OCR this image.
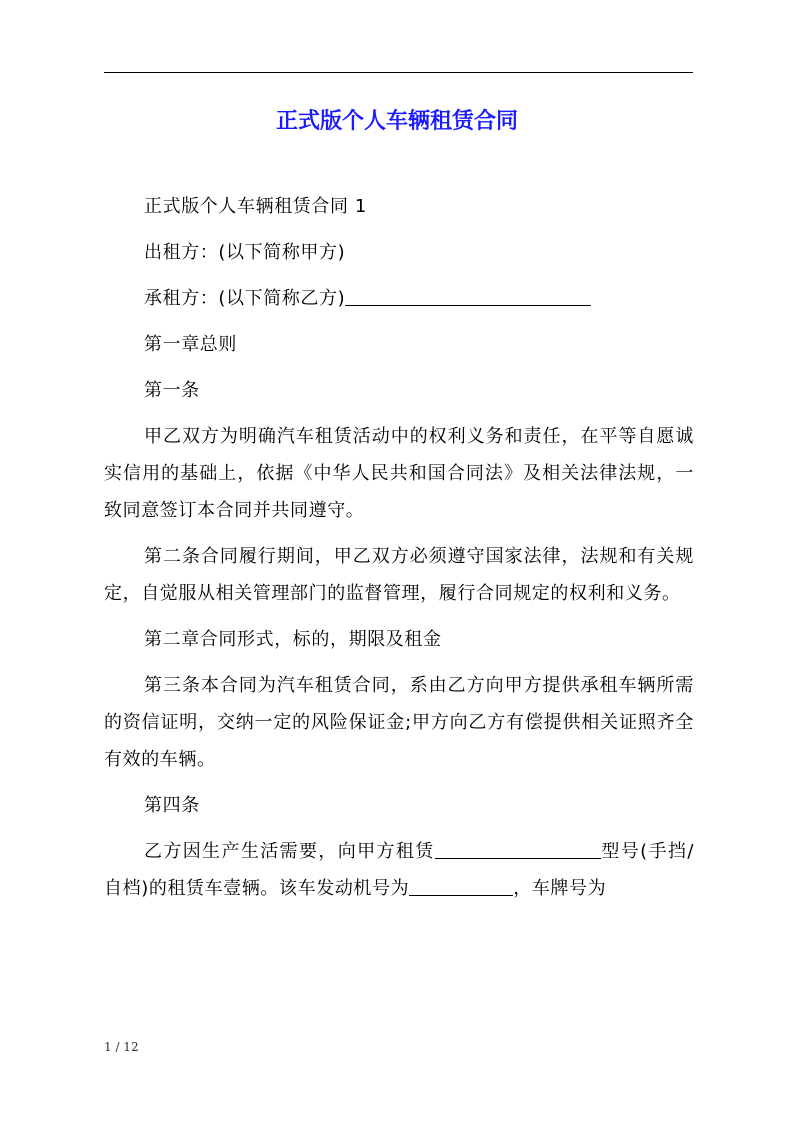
正式版个人车辆租赁合同

正式版个人车辆租赁合同 1

出租方：(以下简称甲方)

承租方：(以下简称乙方)

第一章总则

第一条

甲乙双方为明确汽车租赁活动中的权利义务和责任，在平等自愿诚实信用的基础上，依据《中华人民共和国合同法》及相关法律法规，一致同意签订本合同并共同遵守。

第二条合同履行期间，甲乙双方必须遵守国家法律，法规和有关规定，自觉服从相关管理部门的监督管理，履行合同规定的权利和义务。

第二章合同形式，标的，期限及租金

第三条本合同为汽车租赁合同，系由乙方向甲方提供承租车辆所需的资信证明，交纳一定的风险保证金;甲方向乙方有偿提供相关证照齐全有效的车辆。

第四条

乙方因生产生活需要，向甲方租赁	型号(手挡/自档)的租赁车壹辆。该车发动机号为	，车牌号为

1 / 12
